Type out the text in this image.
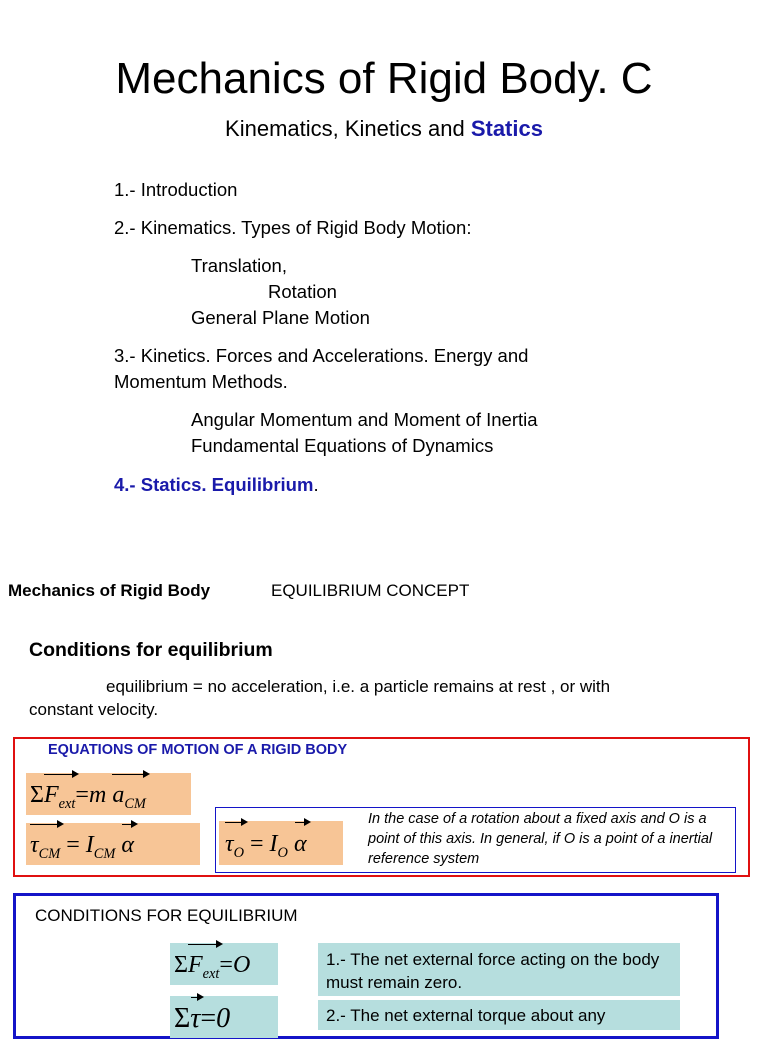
Mechanics of Rigid Body. C
Kinematics, Kinetics and Statics
1.- Introduction
2.- Kinematics. Types of Rigid Body Motion:
Translation,
Rotation
General Plane Motion
3.- Kinetics. Forces and Accelerations. Energy and
Momentum Methods.
Angular Momentum and Moment of Inertia
Fundamental Equations of Dynamics
4.- Statics. Equilibrium.
Mechanics of Rigid Body	EQUILIBRIUM CONCEPT
Conditions for equilibrium
equilibrium = no acceleration, i.e. a particle remains at rest , or with
constant velocity.
EQUATIONS OF MOTION OF A RIGID BODY
$\Sigma F_{ext}=m$ $a_{CM}$
$\tau_{CM} = I_{CM}$ α	$\tau_O = I_O$ α
In the case of a rotation about a fixed axis and O is a point of this axis. In general, if O is a point of a inertial reference system
CONDITIONS FOR EQUILIBRIUM
$\Sigma F_{ext}=O$
Στ=0
1.- The net external force acting on the body must remain zero.
2.- The net external torque about any
